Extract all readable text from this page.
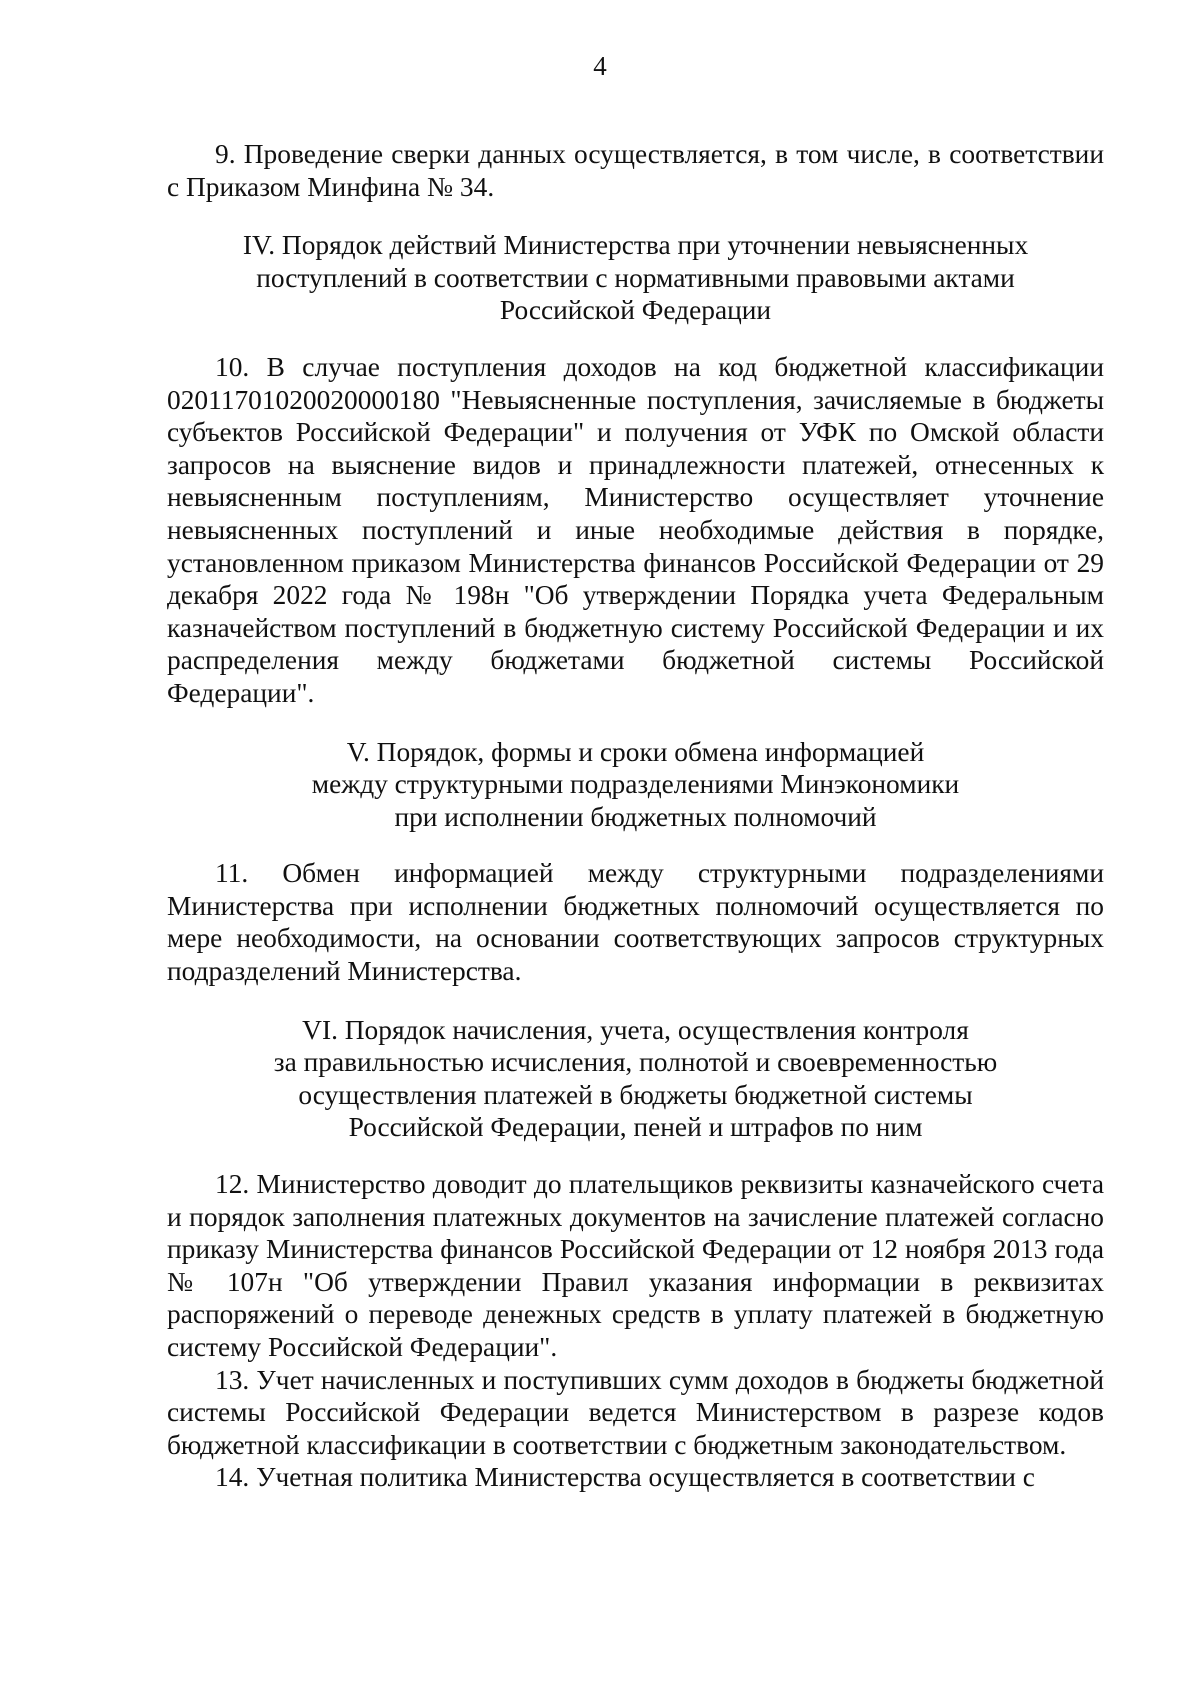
4

9. Проведение сверки данных осуществляется, в том числе, в соответствии с Приказом Минфина № 34.

IV. Порядок действий Министерства при уточнении невыясненных
поступлений в соответствии с нормативными правовыми актами
Российской Федерации

10. В случае поступления доходов на код бюджетной классификации 02011701020020000180 "Невыясненные поступления, зачисляемые в бюджеты субъектов Российской Федерации" и получения от УФК по Омской области запросов на выяснение видов и принадлежности платежей, отнесенных к невыясненным поступлениям, Министерство осуществляет уточнение невыясненных поступлений и иные необходимые действия в порядке, установленном приказом Министерства финансов Российской Федерации от 29 декабря 2022 года № 198н "Об утверждении Порядка учета Федеральным казначейством поступлений в бюджетную систему Российской Федерации и их распределения между бюджетами бюджетной системы Российской Федерации".

V. Порядок, формы и сроки обмена информацией
между структурными подразделениями Минэкономики
при исполнении бюджетных полномочий

11. Обмен информацией между структурными подразделениями Министерства при исполнении бюджетных полномочий осуществляется по мере необходимости, на основании соответствующих запросов структурных подразделений Министерства.

VI. Порядок начисления, учета, осуществления контроля
за правильностью исчисления, полнотой и своевременностью
осуществления платежей в бюджеты бюджетной системы
Российской Федерации, пеней и штрафов по ним

12. Министерство доводит до плательщиков реквизиты казначейского счета и порядок заполнения платежных документов на зачисление платежей согласно приказу Министерства финансов Российской Федерации от 12 ноября 2013 года № 107н "Об утверждении Правил указания информации в реквизитах распоряжений о переводе денежных средств в уплату платежей в бюджетную систему Российской Федерации".

13. Учет начисленных и поступивших сумм доходов в бюджеты бюджетной системы Российской Федерации ведется Министерством в разрезе кодов бюджетной классификации в соответствии с бюджетным законодательством.

14. Учетная политика Министерства осуществляется в соответствии с
